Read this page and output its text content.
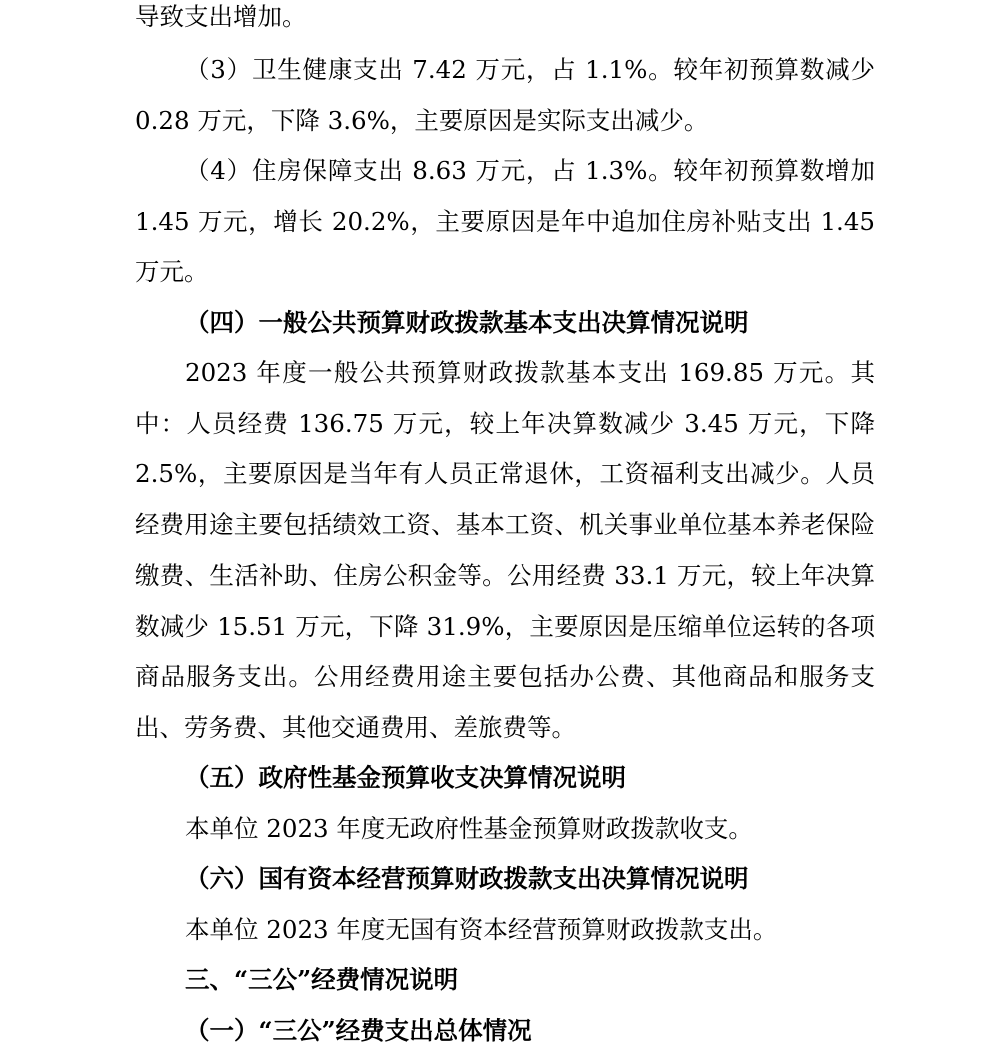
导致支出增加。

（3）卫生健康支出 7.42 万元，占 1.1%。较年初预算数减少 0.28 万元，下降 3.6%，主要原因是实际支出减少。

（4）住房保障支出 8.63 万元，占 1.3%。较年初预算数增加 1.45 万元，增长 20.2%，主要原因是年中追加住房补贴支出 1.45 万元。

（四）一般公共预算财政拨款基本支出决算情况说明

2023 年度一般公共预算财政拨款基本支出 169.85 万元。其中：人员经费 136.75 万元，较上年决算数减少 3.45 万元，下降 2.5%，主要原因是当年有人员正常退休，工资福利支出减少。人员经费用途主要包括绩效工资、基本工资、机关事业单位基本养老保险缴费、生活补助、住房公积金等。公用经费 33.1 万元，较上年决算数减少 15.51 万元，下降 31.9%，主要原因是压缩单位运转的各项商品服务支出。公用经费用途主要包括办公费、其他商品和服务支出、劳务费、其他交通费用、差旅费等。

（五）政府性基金预算收支决算情况说明

本单位 2023 年度无政府性基金预算财政拨款收支。

（六）国有资本经营预算财政拨款支出决算情况说明

本单位 2023 年度无国有资本经营预算财政拨款支出。

三、“三公”经费情况说明

（一）“三公”经费支出总体情况
